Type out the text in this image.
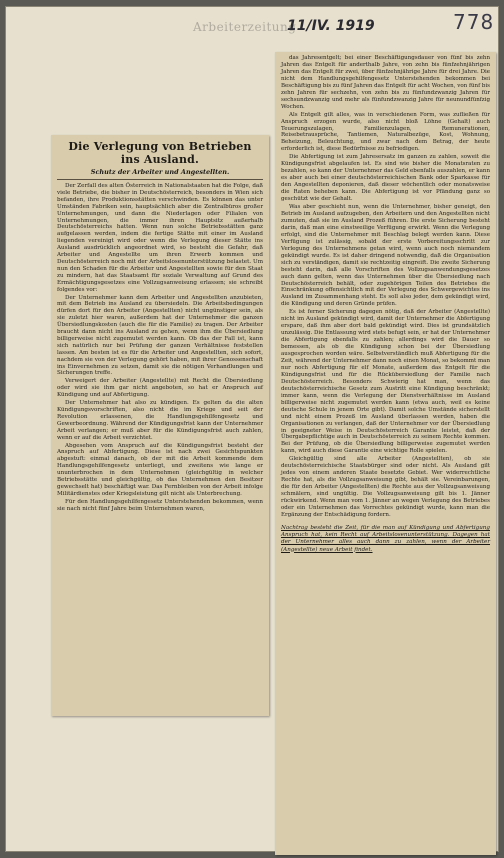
Arbeiterzeitung
11/IV. 1919	778
Die Verlegung von Betrieben ins Ausland.
Schutz der Arbeiter und Angestellten.

Der Zerfall des alten Österreich in Nationalstaaten hat die Folge, daß viele Betriebe, die bisher in Deutschösterreich, besonders in Wien sich befanden, ihre Produktionsstätten verschwinden. Es können das unter Umständen Fabriken sein, hauptsächlich aber die Zentralbüros großer Unternehmungen, und dann die Niederlagen oder Filialen von Unternehmungen, die immer ihren Hauptsitz außerhalb Deutschösterreichs hatten. Wenn nun solche Betriebsstätten ganz aufgelassen werden, indem die fertige Stätte mit einer im Ausland liegenden vereinigt wird oder wenn die Verlegung dieser Stätte ins Ausland ausdrücklich angeordnet wird, so besteht die Gefahr, daß Arbeiter und Angestellte um ihren Erwerb kommen und Deutschösterreich noch mit der Arbeitslosenunterstützung belastet. Um nun den Schaden für die Arbeiter und Angestellten sowie für den Staat zu mindern, hat das Staatsamt für soziale Verwaltung auf Grund des Ermächtigungsgesetzes eine Vollzugsanweisung erlassen; sie schreibt folgendes vor:

Der Unternehmer kann dem Arbeiter und Angestellten anzubieten, mit dem Betrieb ins Ausland zu übersiedeln. Die Arbeitsbedingungen dürfen dort für den Arbeiter (Angestellten) nicht ungünstiger sein, als sie zuletzt hier waren, außerdem hat der Unternehmer die ganzen Übersiedlungskosten (auch die für die Familie) zu tragen. Der Arbeiter braucht dann nicht ins Ausland zu gehen, wenn ihm die Übersiedlung billigerweise nicht zugemutet werden kann. Ob das der Fall ist, kann sich natürlich nur bei Prüfung der ganzen Verhältnisse feststellen lassen. Am besten ist es für die Arbeiter und Angestellten, sich sofort, nachdem sie von der Verlegung gehört haben, mit ihrer Genossenschaft ins Einvernehmen zu setzen, damit sie die nötigen Verhandlungen und Sicherungen treffe.

Verweigert der Arbeiter (Angestellte) mit Recht die Übersiedlung oder wird sie ihm gar nicht angeboten, so hat er Anspruch auf Kündigung und auf Abfertigung.

Der Unternehmer hat also zu kündigen. Es gelten da die alten Kündigungsvorschriften, also nicht die im Kriege und seit der Revolution erlassenen, die Handlungsgehilfengesetz und Gewerbeordnung. Während der Kündigungsfrist kann der Unternehmer Arbeit verlangen; er muß aber für die Kündigungsfrist auch zahlen, wenn er auf die Arbeit verzichtet.

Abgesehen vom Anspruch auf die Kündigungsfrist besteht der Anspruch auf Abfertigung. Diese ist nach zwei Gesichtspunkten abgestuft: einmal danach, ob der mit die Arbeit kommende dem Handlungsgehilfengesetz unterliegt, und zweitens wie lange er ununterbrochen in dem Unternehmen (gleichgültig in welcher Betriebsstätte und gleichgültig, ob das Unternehmen den Besitzer gewechselt hat) beschäftigt war. Das Fernbleiben von der Arbeit infolge Militärdienstes oder Kriegsleistung gilt nicht als Unterbrechung.

Für den Handlungsgehilfengesetz Unterstehenden bekommen, wenn sie nach nicht fünf Jahre beim Unternehmen waren,

das Jahresentgelt; bei einer Beschäftigungsdauer von fünf bis zehn Jahren das Entgelt für anderthalb Jahre, von zehn bis fünfzehnjährigen Jahren das Entgelt für zwei, über fünfzehnjährige Jahre für drei Jahre. Die nicht dem Handlungsgehilfengesetz Unterstehenden bekommen bei Beschäftigung bis zu fünf Jahren das Entgelt für acht Wochen, von fünf bis zehn Jahren für sechzehn, von zehn bis zu fünfundzwanzig Jahren für sechsundzwanzig und mehr als fünfundzwanzig Jahre für neunundfünfzig Wochen.

Als Entgelt gilt alles, was in verschiedenen Form, was zufließen für Anspruch erzogen wurde, also nicht bloß Löhne (Gehalt) auch Teuerungszulagen, Familienzulagen, Remunerationen, Reisebetrausprüche, Tantiemen, Naturalbezüge, Kost, Wohnung, Beheizung, Beleuchtung, und zwar nach dem Betrag, der heute erforderlich ist, diese Bedürfnisse zu befriedigen.

Die Abfertigung ist zum Jahresersatz im ganzen zu zahlen, soweit die Kündigungsfrist abgelaufen ist. Es sind wie bisher die Monatsraten zu bezahlen, so kann der Unternehmer das Geld ebenfalls auszahlen, er kann es aber auch bei einer deutschösterreichischen Bank oder Sparkasse für den Angestellten deponieren, daß dieser wöchentlich oder monatsweise die Raten beheben kann. Die Abfertigung ist vor Pfändung ganz so geschützt wie der Gehalt.

Was aber geschieht nun, wenn die Unternehmer, bisher geneigt, den Betrieb im Ausland aufzugeben, den Arbeitern und den Angestellten nicht zumuten, daß sie im Ausland Prozeß führen. Die erste Sicherung besteht darin, daß man eine einstweilige Verfügung erwirkt. Wenn die Verlegung erfolgt, sind die Unternehmer mit Beschlag belegt werden kann. Diese Verfügung ist zulässig, sobald der erste Vorbereitungsschritt zur Verlegung des Unternehmens getan wird, wenn auch noch niemandem gekündigt wurde. Es ist daher dringend notwendig, daß die Organisation sich zu verständigen, damit sie rechtzeitig eingreift. Die zweite Sicherung besteht darin, daß alle Vorschriften des Vollzugsanwendungsgesetzes auch dann gelten, wenn das Unternehmen über die Übersiedlung nach Deutschösterreich behält, oder zugehörigen Teilen des Betriebes die Einschränkung offensichtlich mit der Verlegung des Schwergewichtes ins Ausland im Zusammenhang steht. Es soll also jeder, dem gekündigt wird, die Kündigung und deren Gründe prüfen.

Es ist ferner Sicherung dagegen nötig, daß der Arbeiter (Angestellte) nicht im Ausland gekündigt wird, damit der Unternehmer die Abfertigung erspare, daß ihm aber dort bald gekündigt wird. Dies ist grundsätzlich unzulässig. Die Entlassung wird stets befugt sein, er hat der Unternehmer die Abfertigung ebenfalls zu zahlen; allerdings wird die Dauer so bemessen, als ob die Kündigung schon bei der Übersiedlung ausgesprochen worden wäre. Selbstverständlich muß Abfertigung für die Zeit, während der Unternehmer dann noch einen Monat, so bekommt man nur noch Abfertigung für elf Monate, außerdem das Entgelt für die Kündigungsfrist und für die Rückübersiedlung der Familie nach Deutschösterreich. Besonders Schwierig hat man, wenn das deutschösterreichische Gesetz zum Austritt eine Kündigung beschränkt; immer kann, wenn die Verlegung der Dienstverhältnisse im Ausland billigerweise nicht zugemutet werden kann (etwa auch, weil es keine deutsche Schule in jenem Orte gibt). Damit solche Umstände sicherstellt und nicht einem Prozeß im Ausland überlassen werden, haben die Organisationen zu verlangen, daß der Unternehmer vor der Übersiedlung in geeigneter Weise in Deutschösterreich Garantie leistet, daß der Übergabepflichtige auch in Deutschösterreich zu seinem Rechte kommen. Bei der Prüfung, ob die Übersiedlung billigerweise zugemutet werden kann, wird auch diese Garantie eine wichtige Rolle spielen.

Gleichgültig sind alle Arbeiter (Angestellten), ob sie deutschösterreichische Staatsbürger sind oder nicht. Als Ausland gilt jedes von einem anderen Staate besetzte Gebiet. Wer widerrechtliche Rechte hat, als die Vollzugsanweisung gibt, behält sie. Vereinbarungen, die für den Arbeiter (Angestellten) die Rechte aus der Vollzugsanweisung schmälern, sind ungültig. Die Vollzugsanweisung gilt bis 1. Jänner rückwirkend. Wenn man vom 1. Jänner an wegen Verlegung des Betriebes oder ein Unternehmen das Vorrechtes gekündigt wurde, kann man die Ergänzung der Entschädigung fordern.

Nachtrag besteht die Zeit, für die man auf Kündigung und Abfertigung Anspruch hat, kein Recht auf Arbeitslosenunterstützung. Dagegen hat der Unternehmer alles auch dann zu zahlen, wenn der Arbeiter (Angestellte) neue Arbeit findet.
